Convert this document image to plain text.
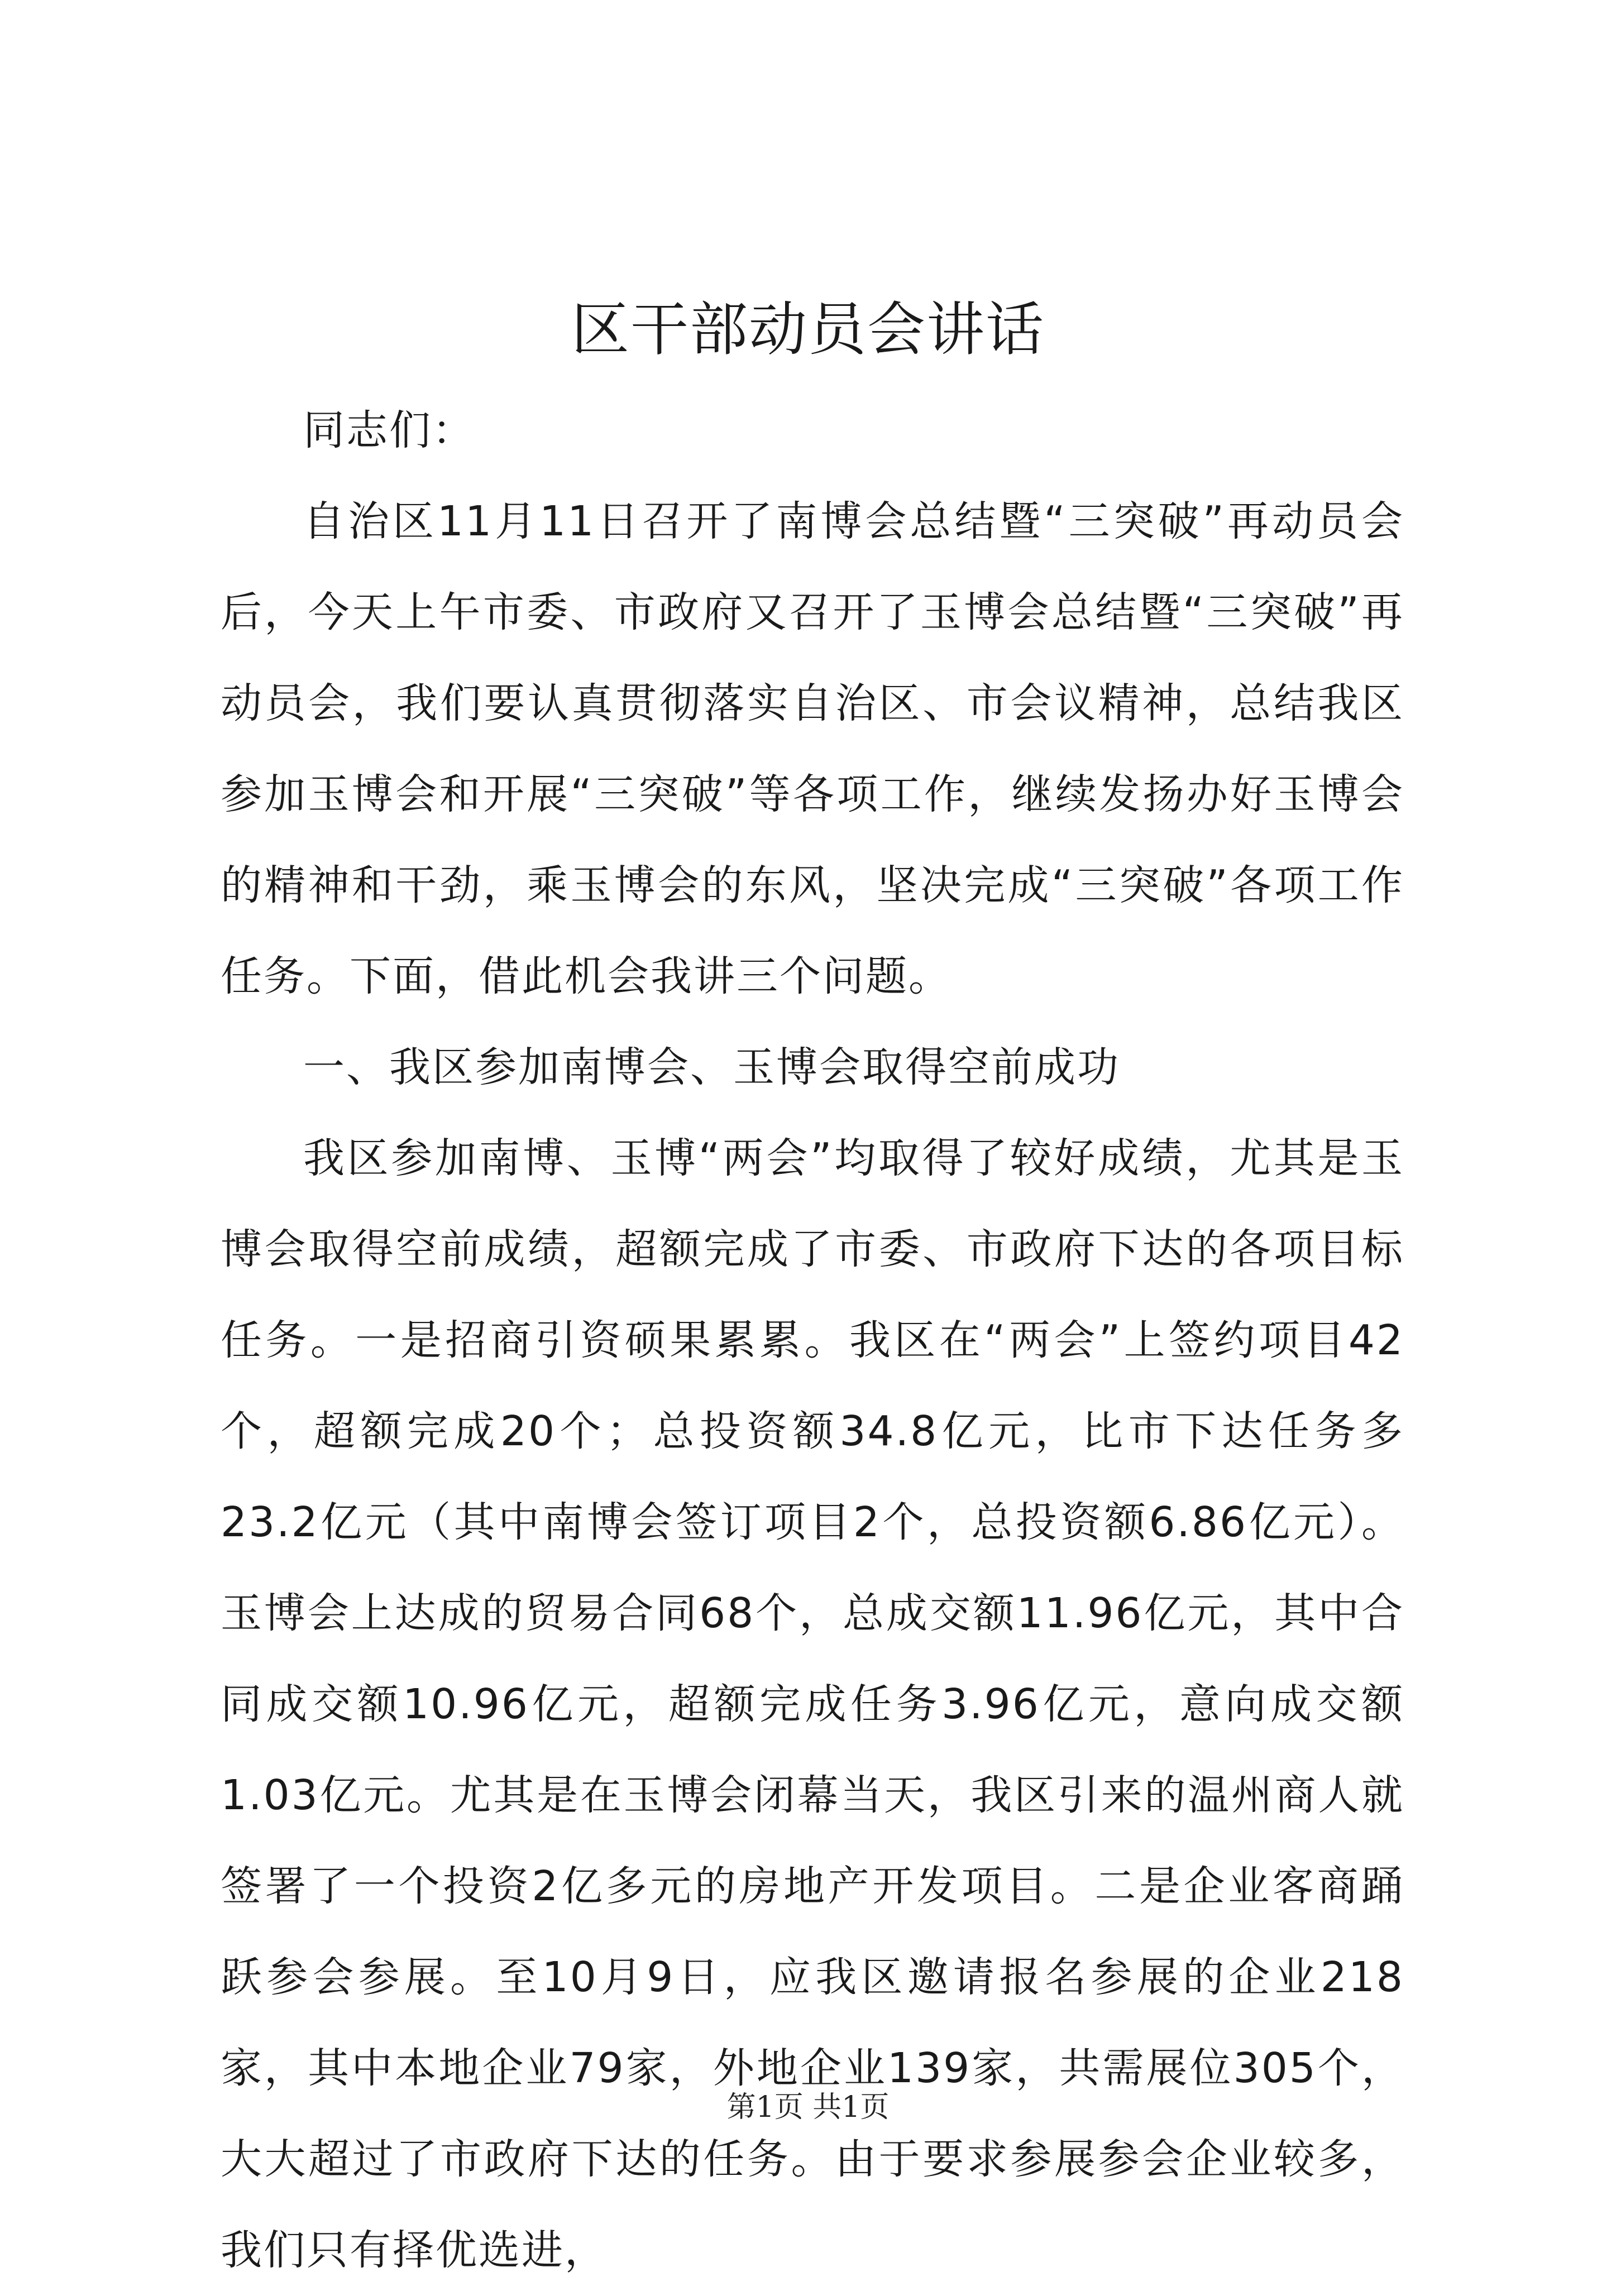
区干部动员会讲话

同志们：

自治区11月11日召开了南博会总结暨“三突破”再动员会后，今天上午市委、市政府又召开了玉博会总结暨“三突破”再动员会，我们要认真贯彻落实自治区、市会议精神，总结我区参加玉博会和开展“三突破”等各项工作，继续发扬办好玉博会的精神和干劲，乘玉博会的东风，坚决完成“三突破”各项工作任务。下面，借此机会我讲三个问题。

一、我区参加南博会、玉博会取得空前成功

我区参加南博、玉博“两会”均取得了较好成绩，尤其是玉博会取得空前成绩，超额完成了市委、市政府下达的各项目标任务。一是招商引资硕果累累。我区在“两会”上签约项目42个，超额完成20个；总投资额34.8亿元，比市下达任务多23.2亿元（其中南博会签订项目2个，总投资额6.86亿元）。玉博会上达成的贸易合同68个，总成交额11.96亿元，其中合同成交额10.96亿元，超额完成任务3.96亿元，意向成交额1.03亿元。尤其是在玉博会闭幕当天，我区引来的温州商人就签署了一个投资2亿多元的房地产开发项目。二是企业客商踊跃参会参展。至10月9日，应我区邀请报名参展的企业218家，其中本地企业79家，外地企业139家，共需展位305个，大大超过了市政府下达的任务。由于要求参展参会企业较多，我们只有择优选进，

第1页 共1页
